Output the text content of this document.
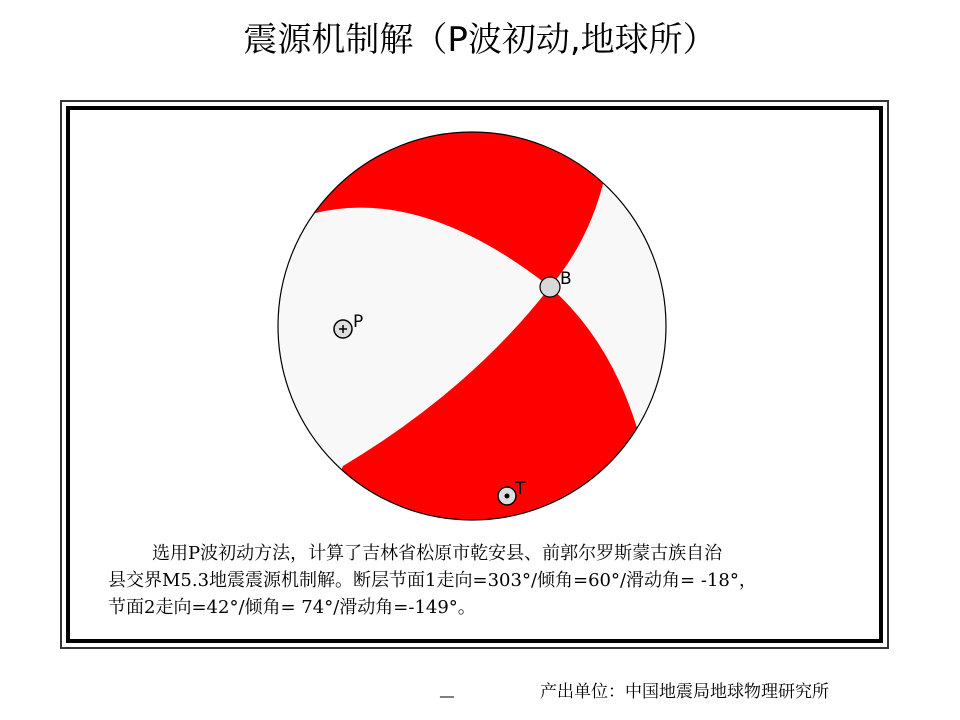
震源机制解（P波初动,地球所）
P
B
T
选用P波初动方法，计算了吉林省松原市乾安县、前郭尔罗斯蒙古族自治
县交界M5.3地震震源机制解。断层节面1走向=303°/倾角=60°/滑动角= -18°，
节面2走向=42°/倾角= 74°/滑动角=-149°。
__	产出单位：中国地震局地球物理研究所
